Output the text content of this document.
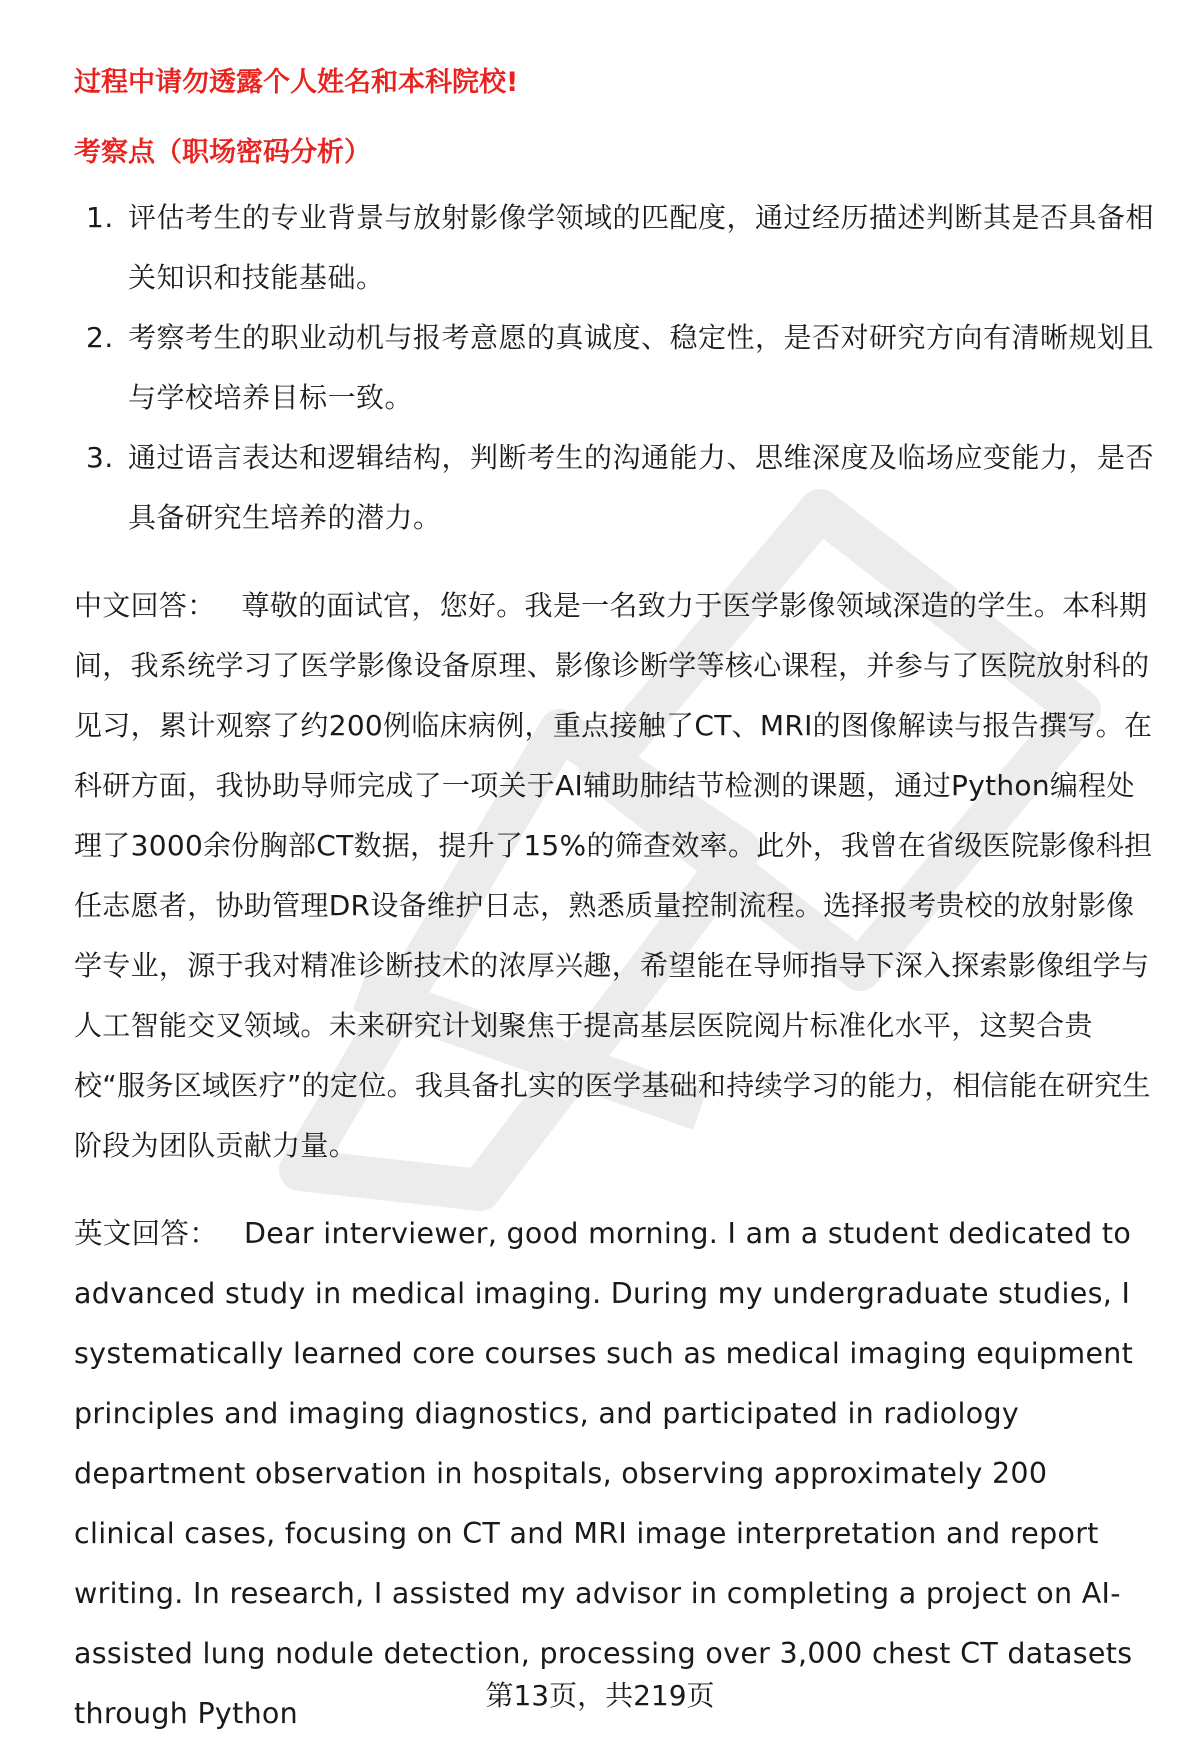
过程中请勿透露个人姓名和本科院校!

考察点（职场密码分析）

1. 评估考生的专业背景与放射影像学领域的匹配度，通过经历描述判断其是否具备相关知识和技能基础。
2. 考察考生的职业动机与报考意愿的真诚度、稳定性，是否对研究方向有清晰规划且与学校培养目标一致。
3. 通过语言表达和逻辑结构，判断考生的沟通能力、思维深度及临场应变能力，是否具备研究生培养的潜力。

中文回答： 尊敬的面试官，您好。我是一名致力于医学影像领域深造的学生。本科期间，我系统学习了医学影像设备原理、影像诊断学等核心课程，并参与了医院放射科的见习，累计观察了约200例临床病例，重点接触了CT、MRI的图像解读与报告撰写。在科研方面，我协助导师完成了一项关于AI辅助肺结节检测的课题，通过Python编程处理了3000余份胸部CT数据，提升了15%的筛查效率。此外，我曾在省级医院影像科担任志愿者，协助管理DR设备维护日志，熟悉质量控制流程。选择报考贵校的放射影像学专业，源于我对精准诊断技术的浓厚兴趣，希望能在导师指导下深入探索影像组学与人工智能交叉领域。未来研究计划聚焦于提高基层医院阅片标准化水平，这契合贵校“服务区域医疗”的定位。我具备扎实的医学基础和持续学习的能力，相信能在研究生阶段为团队贡献力量。

英文回答： Dear interviewer, good morning. I am a student dedicated to advanced study in medical imaging. During my undergraduate studies, I systematically learned core courses such as medical imaging equipment principles and imaging diagnostics, and participated in radiology department observation in hospitals, observing approximately 200 clinical cases, focusing on CT and MRI image interpretation and report writing. In research, I assisted my advisor in completing a project on AI-assisted lung nodule detection, processing over 3,000 chest CT datasets through Python

第13页，共219页
